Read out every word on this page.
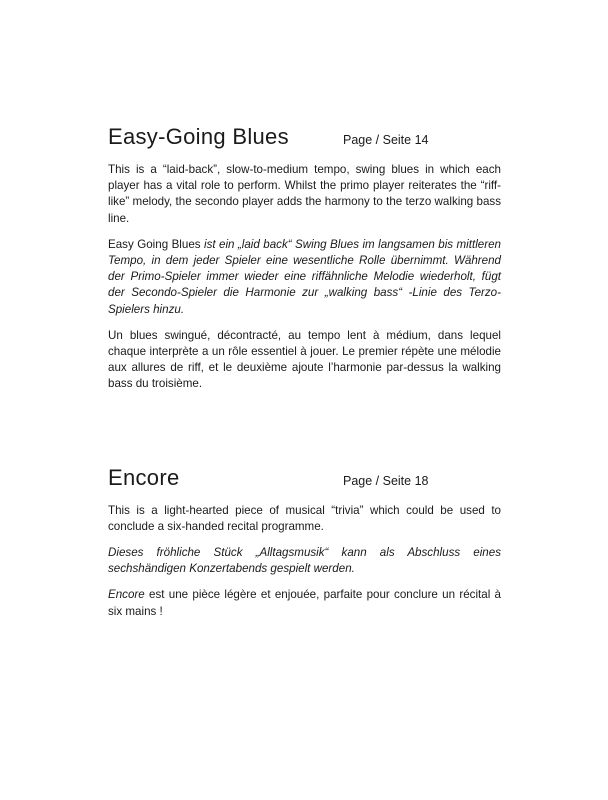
Easy-Going Blues	Page / Seite 14

This is a “laid-back”, slow-to-medium tempo, swing blues in which each player has a vital role to perform. Whilst the primo player reiterates the “riff-like” melody, the secondo player adds the harmony to the terzo walking bass line.

Easy Going Blues ist ein „laid back“ Swing Blues im langsamen bis mittleren Tempo, in dem jeder Spieler eine wesentliche Rolle übernimmt. Während der Primo-Spieler immer wieder eine riffähnliche Melodie wiederholt, fügt der Secondo-Spieler die Harmonie zur „walking bass“ -Linie des Terzo-Spielers hinzu.

Un blues swingué, décontracté, au tempo lent à médium, dans lequel chaque interprète a un rôle essentiel à jouer. Le premier répète une mélodie aux allures de riff, et le deuxième ajoute l’harmonie par-dessus la walking bass du troisième.

Encore	Page / Seite 18

This is a light-hearted piece of musical “trivia” which could be used to conclude a six-handed recital programme.

Dieses fröhliche Stück „Alltagsmusik“ kann als Abschluss eines sechshändigen Konzertabends gespielt werden.

Encore est une pièce légère et enjouée, parfaite pour conclure un récital à six mains !
